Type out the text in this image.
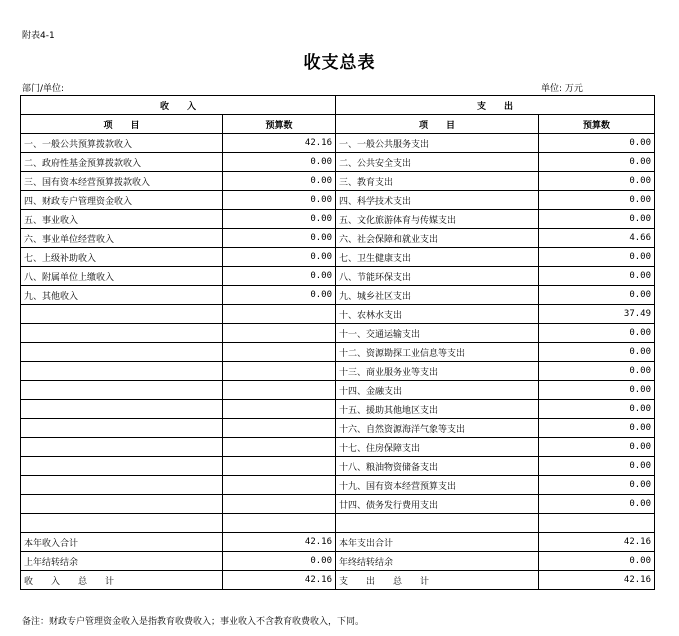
附表4-1
收支总表
部门/单位:	单位: 万元
收　　入		支　　出	
项　　目	预算数	项　　目	预算数
一、一般公共预算拨款收入	42.16	一、一般公共服务支出	0.00
二、政府性基金预算拨款收入	0.00	二、公共安全支出	0.00
三、国有资本经营预算拨款收入	0.00	三、教育支出	0.00
四、财政专户管理资金收入	0.00	四、科学技术支出	0.00
五、事业收入	0.00	五、文化旅游体育与传媒支出	0.00
六、事业单位经营收入	0.00	六、社会保障和就业支出	4.66
七、上级补助收入	0.00	七、卫生健康支出	0.00
八、附属单位上缴收入	0.00	八、节能环保支出	0.00
九、其他收入	0.00	九、城乡社区支出	0.00
		十、农林水支出	37.49
		十一、交通运输支出	0.00
		十二、资源勘探工业信息等支出	0.00
		十三、商业服务业等支出	0.00
		十四、金融支出	0.00
		十五、援助其他地区支出	0.00
		十六、自然资源海洋气象等支出	0.00
		十七、住房保障支出	0.00
		十八、粮油物资储备支出	0.00
		十九、国有资本经营预算支出	0.00
		廿四、债务发行费用支出	0.00

本年收入合计	42.16	本年支出合计	42.16
上年结转结余	0.00	年终结转结余	0.00
收　　入　　总　　计	42.16	支　　出　　总　　计	42.16
备注：财政专户管理资金收入是指教育收费收入；事业收入不含教育收费收入，下同。
